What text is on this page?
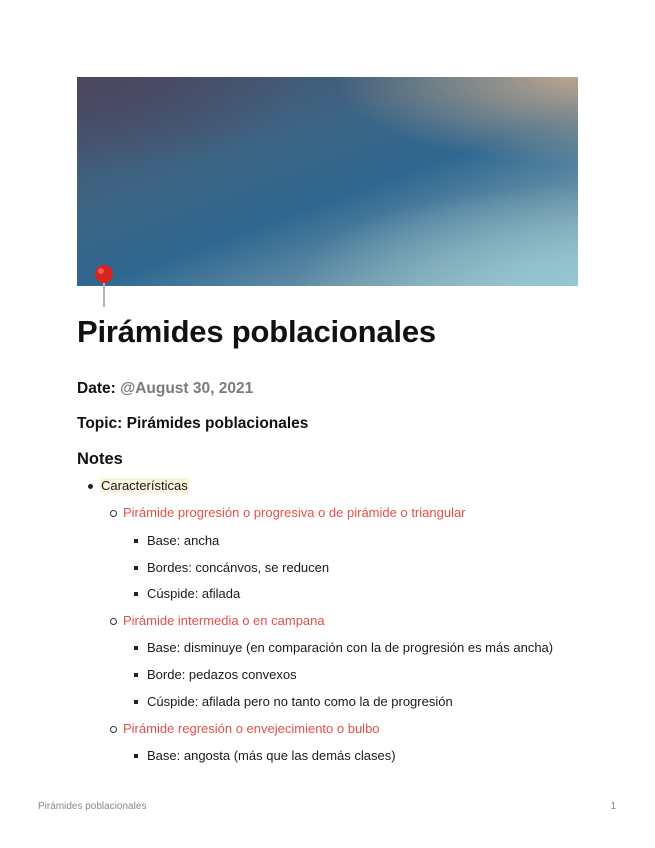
Pirámides poblacionales
Date: @August 30, 2021
Topic: Pirámides poblacionales
Notes
Características
Pirámide progresión o progresiva o de pirámide o triangular
Base: ancha
Bordes: concánvos, se reducen
Cúspide: afilada
Pirámide intermedia o en campana
Base: disminuye (en comparación con la de progresión es más ancha)
Borde: pedazos convexos
Cúspide: afilada pero no tanto como la de progresión
Pirámide regresión o envejecimiento o bulbo
Base: angosta (más que las demás clases)
Pirámides poblacionales	1
